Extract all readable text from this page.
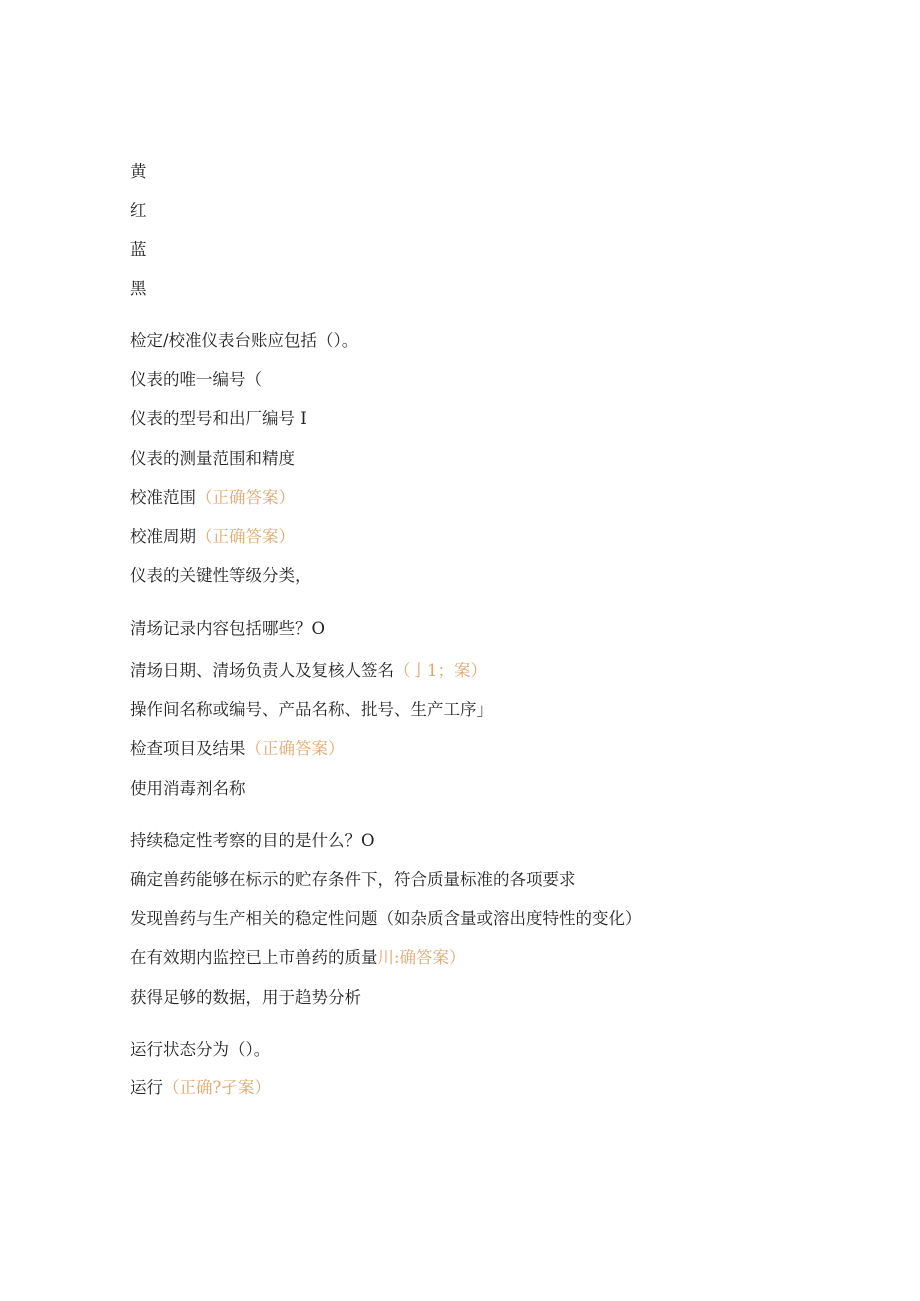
黄
红
蓝
黑
检定/校准仪表台账应包括（）。
仪表的唯一编号（
仪表的型号和出厂编号 I
仪表的测量范围和精度
校准范围（正确答案）
校准周期（正确答案）
仪表的关键性等级分类，
清场记录内容包括哪些？O
清场日期、清场负责人及复核人签名（亅1；案）
操作间名称或编号、产品名称、批号、生产工序」
检查项目及结果（正确答案）
使用消毒剂名称
持续稳定性考察的目的是什么？O
确定兽药能够在标示的贮存条件下，符合质量标准的各项要求
发现兽药与生产相关的稳定性问题（如杂质含量或溶出度特性的变化）
在有效期内监控已上市兽药的质量川:确答案）
获得足够的数据，用于趋势分析
运行状态分为（）。
运行（正确?孑案）
